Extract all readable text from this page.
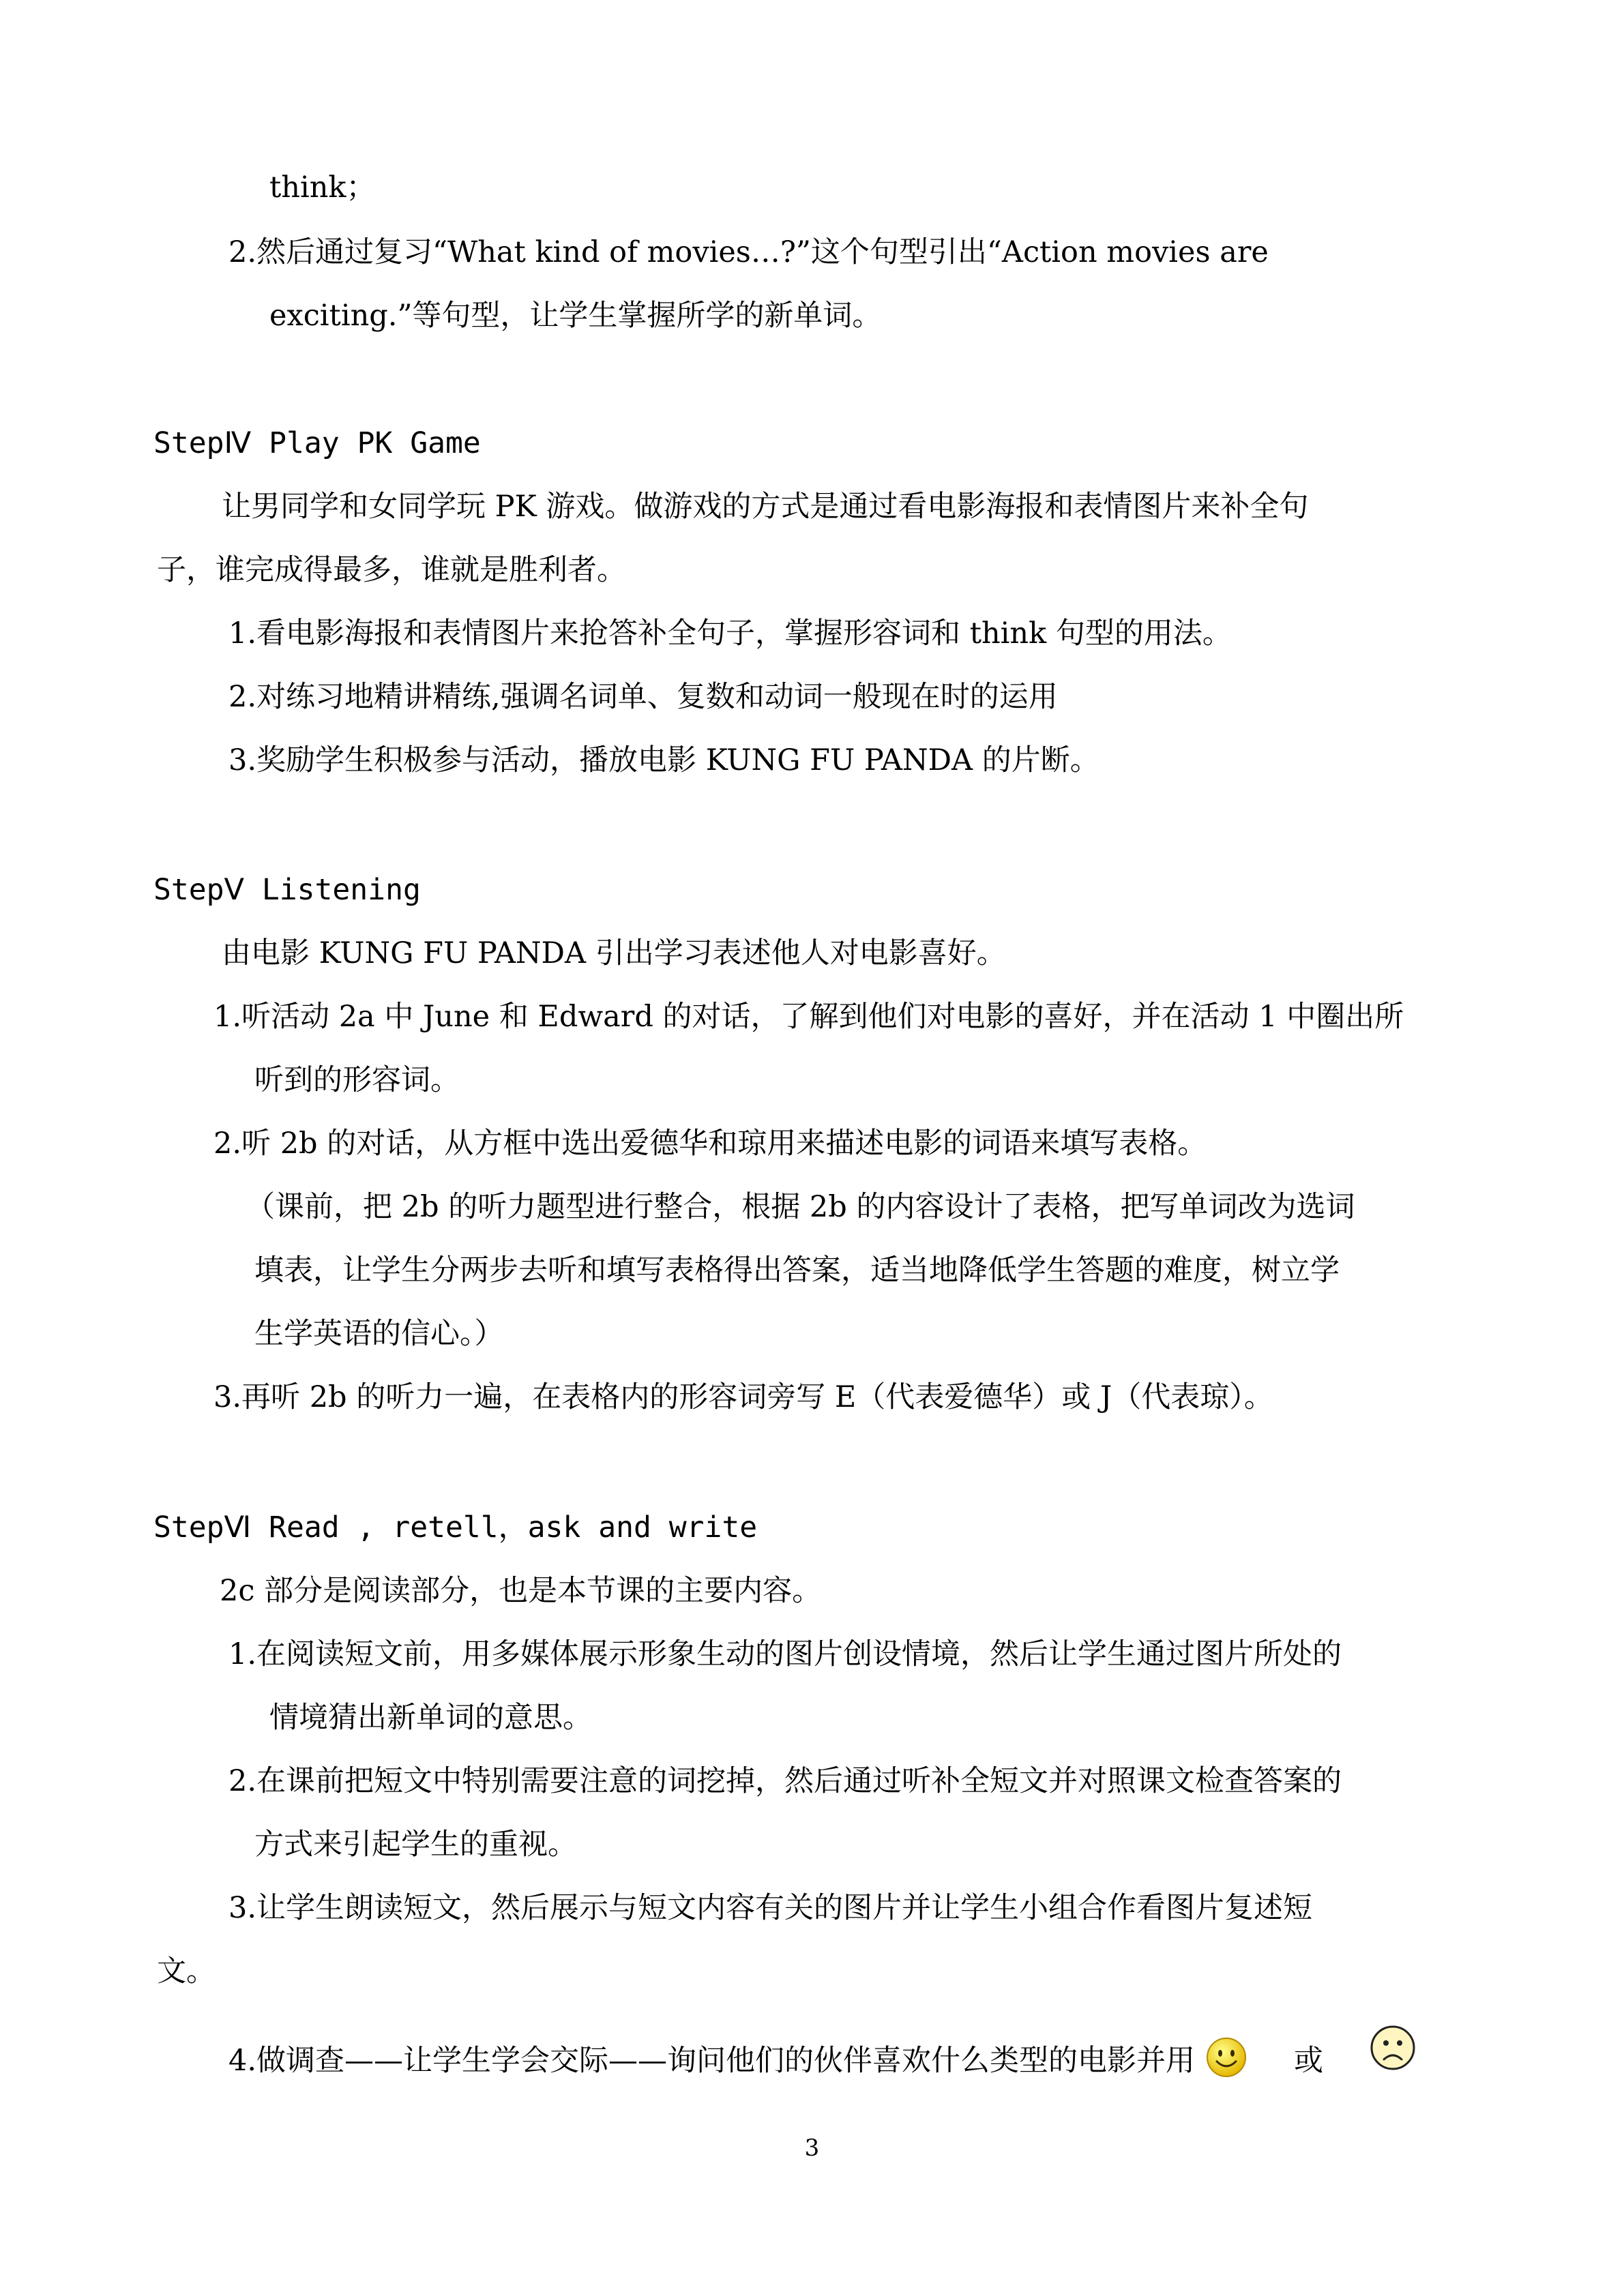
think；
2.然后通过复习“What kind of movies…?”这个句型引出“Action movies are
exciting.”等句型，让学生掌握所学的新单词。
StepⅣ Play PK Game
让男同学和女同学玩 PK 游戏。做游戏的方式是通过看电影海报和表情图片来补全句
子，谁完成得最多，谁就是胜利者。
1.看电影海报和表情图片来抢答补全句子，掌握形容词和 think 句型的用法。
2.对练习地精讲精练,强调名词单、复数和动词一般现在时的运用
3.奖励学生积极参与活动，播放电影 KUNG FU PANDA 的片断。
StepⅤ Listening
由电影 KUNG FU PANDA 引出学习表述他人对电影喜好。
1.听活动 2a 中 June 和 Edward 的对话，了解到他们对电影的喜好，并在活动 1 中圈出所
听到的形容词。
2.听 2b 的对话，从方框中选出爱德华和琼用来描述电影的词语来填写表格。
（课前，把 2b 的听力题型进行整合，根据 2b 的内容设计了表格，把写单词改为选词
填表，让学生分两步去听和填写表格得出答案，适当地降低学生答题的难度，树立学
生学英语的信心。）
3.再听 2b 的听力一遍，在表格内的形容词旁写 E（代表爱德华）或 J（代表琼）。
StepⅥ Read , retell，ask and write
2c 部分是阅读部分，也是本节课的主要内容。
1.在阅读短文前，用多媒体展示形象生动的图片创设情境，然后让学生通过图片所处的
情境猜出新单词的意思。
2.在课前把短文中特别需要注意的词挖掉，然后通过听补全短文并对照课文检查答案的
方式来引起学生的重视。
3.让学生朗读短文，然后展示与短文内容有关的图片并让学生小组合作看图片复述短
文。
4.做调查——让学生学会交际——询问他们的伙伴喜欢什么类型的电影并用	或
3
